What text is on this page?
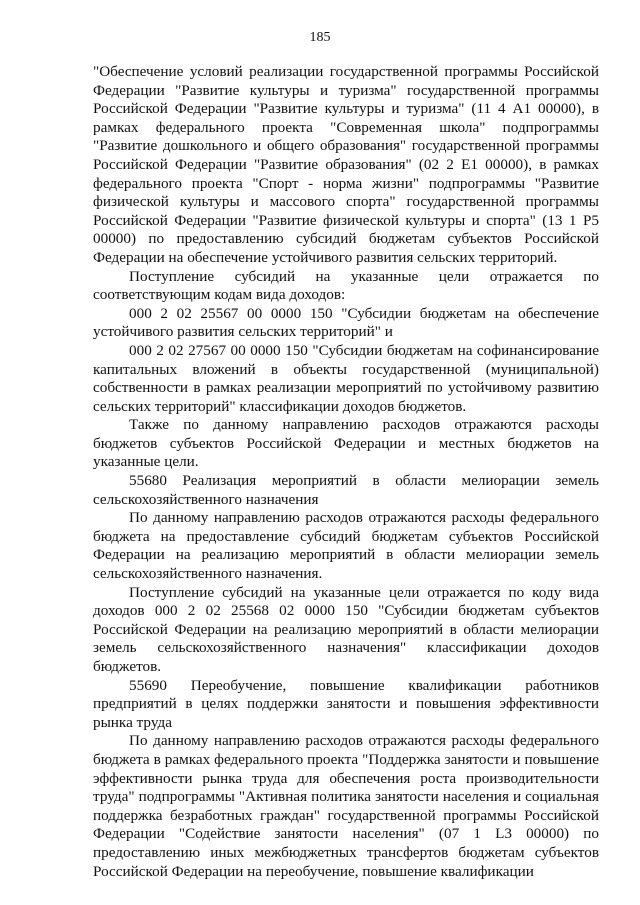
185

"Обеспечение условий реализации государственной программы Российской Федерации "Развитие культуры и туризма" государственной программы Российской Федерации "Развитие культуры и туризма" (11 4 А1 00000), в рамках федерального проекта "Современная школа" подпрограммы "Развитие дошкольного и общего образования" государственной программы Российской Федерации "Развитие образования" (02 2 Е1 00000), в рамках федерального проекта "Спорт - норма жизни" подпрограммы "Развитие физической культуры и массового спорта" государственной программы Российской Федерации "Развитие физической культуры и спорта" (13 1 Р5 00000) по предоставлению субсидий бюджетам субъектов Российской Федерации на обеспечение устойчивого развития сельских территорий.

Поступление субсидий на указанные цели отражается по соответствующим кодам вида доходов:

000 2 02 25567 00 0000 150 "Субсидии бюджетам на обеспечение устойчивого развития сельских территорий" и

000 2 02 27567 00 0000 150 "Субсидии бюджетам на софинансирование капитальных вложений в объекты государственной (муниципальной) собственности в рамках реализации мероприятий по устойчивому развитию сельских территорий" классификации доходов бюджетов.

Также по данному направлению расходов отражаются расходы бюджетов субъектов Российской Федерации и местных бюджетов на указанные цели.

55680 Реализация мероприятий в области мелиорации земель сельскохозяйственного назначения

По данному направлению расходов отражаются расходы федерального бюджета на предоставление субсидий бюджетам субъектов Российской Федерации на реализацию мероприятий в области мелиорации земель сельскохозяйственного назначения.

Поступление субсидий на указанные цели отражается по коду вида доходов 000 2 02 25568 02 0000 150 "Субсидии бюджетам субъектов Российской Федерации на реализацию мероприятий в области мелиорации земель сельскохозяйственного назначения" классификации доходов бюджетов.

55690 Переобучение, повышение квалификации работников предприятий в целях поддержки занятости и повышения эффективности рынка труда

По данному направлению расходов отражаются расходы федерального бюджета в рамках федерального проекта "Поддержка занятости и повышение эффективности рынка труда для обеспечения роста производительности труда" подпрограммы "Активная политика занятости населения и социальная поддержка безработных граждан" государственной программы Российской Федерации "Содействие занятости населения" (07 1 L3 00000) по предоставлению иных межбюджетных трансфертов бюджетам субъектов Российской Федерации на переобучение, повышение квалификации
